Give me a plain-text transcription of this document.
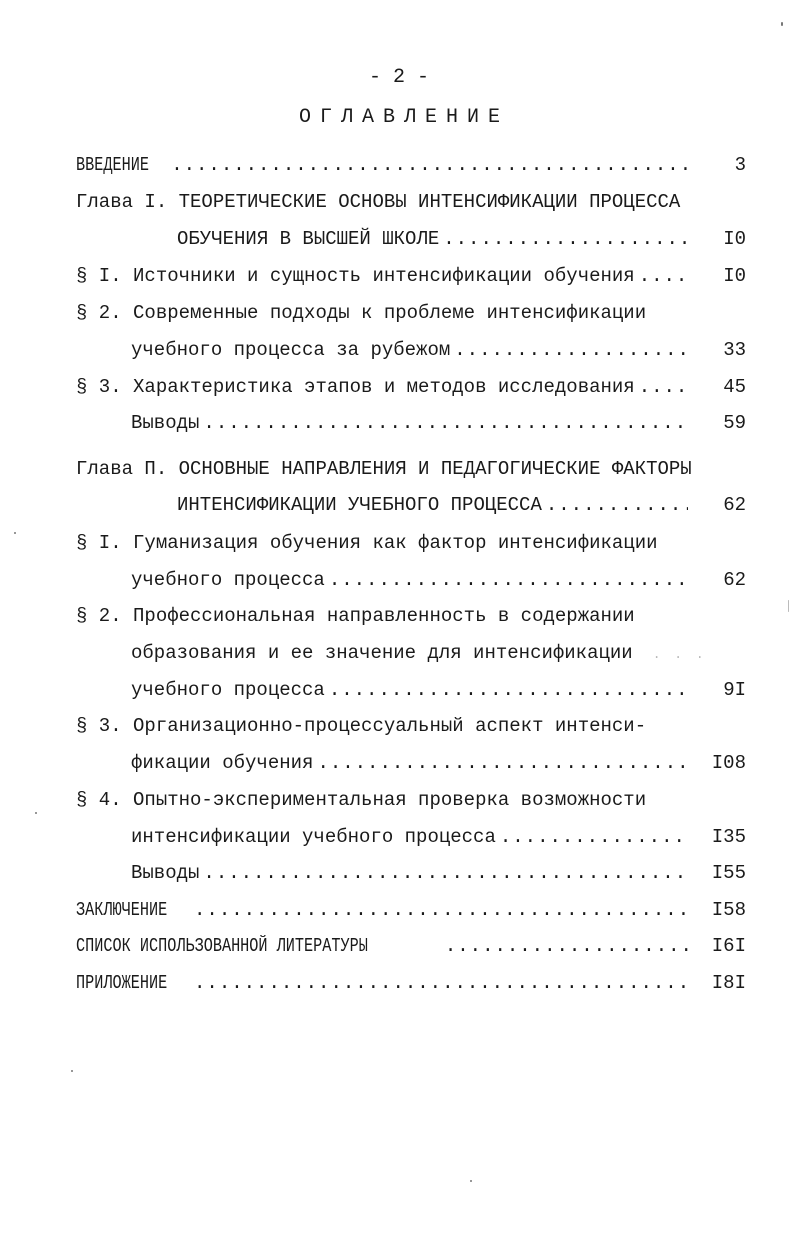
- 2 -
ОГЛАВЛЕНИЕ
ВВЕДЕНИЕ .....	3
Глава I. ТЕОРЕТИЧЕСКИЕ ОСНОВЫ ИНТЕНСИФИКАЦИИ ПРОЦЕССА
ОБУЧЕНИЯ В ВЫСШЕЙ ШКОЛЕ .....	I0
§ I.
Источники и сущность интенсификации обучения .....	I0
§ 2.
Современные подходы к проблеме интенсификации
учебного процесса за рубежом .....	33
§ 3.
Характеристика этапов и методов исследования .....	45
Выводы .....	59
Глава П. ОСНОВНЫЕ НАПРАВЛЕНИЯ И ПЕДАГОГИЧЕСКИЕ ФАКТОРЫ
ИНТЕНСИФИКАЦИИ УЧЕБНОГО ПРОЦЕССА .....	62
§ I.
Гуманизация обучения как фактор интенсификации
учебного процесса .....	62
§ 2.
Профессиональная направленность в содержании
образования и ее значение для интенсификации . . .
учебного процесса .....	9I
§ 3.
Организационно-процессуальный аспект интенси-
фикации обучения .....	I08
§ 4.
Опытно-экспериментальная проверка возможности
интенсификации учебного процесса .....	I35
Выводы .....	I55
ЗАКЛЮЧЕНИЕ .....	I58
СПИСОК ИСПОЛЬЗОВАННОЙ ЛИТЕРАТУРЫ .....	I6I
ПРИЛОЖЕНИЕ .....	I8I
